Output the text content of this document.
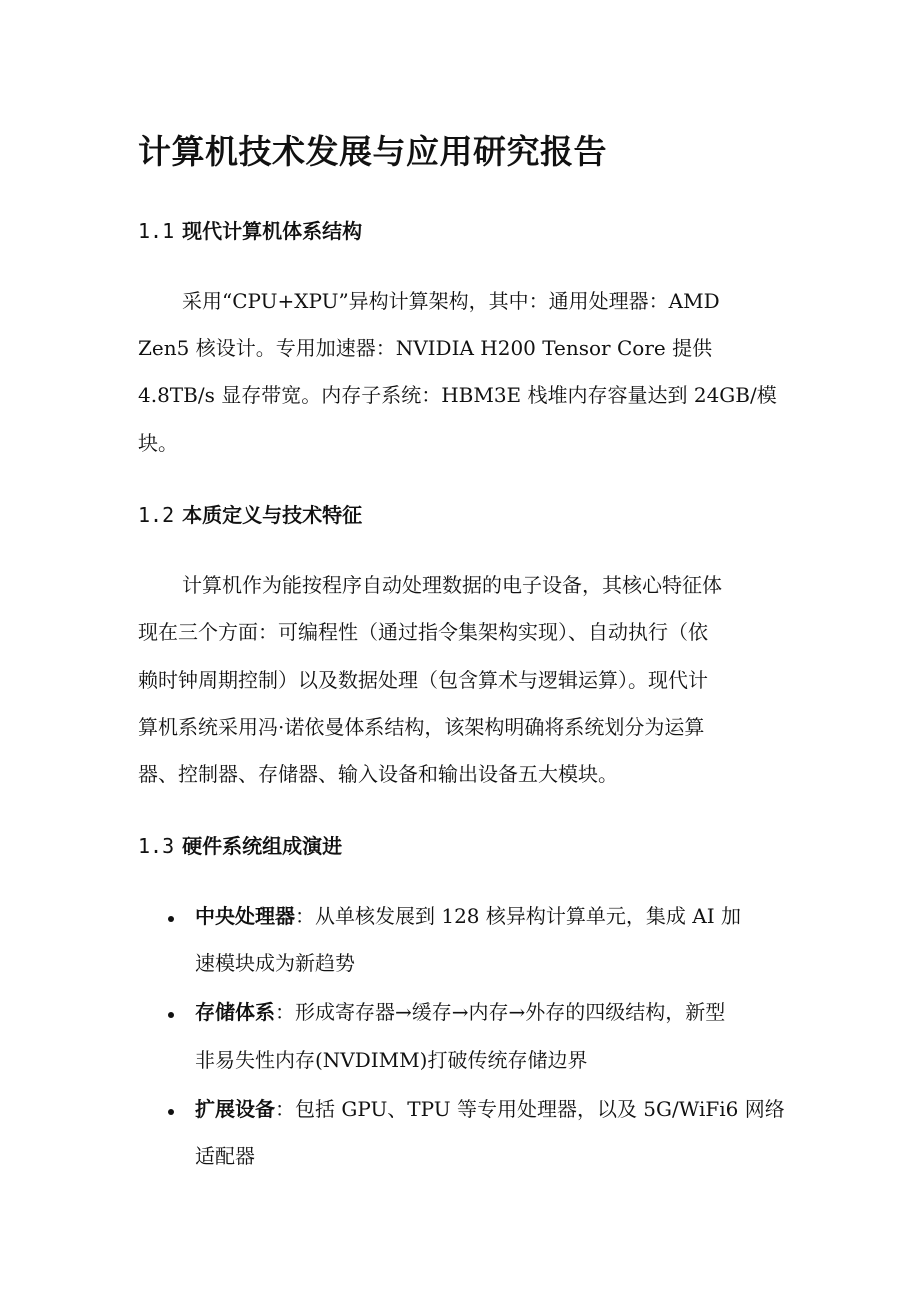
计算机技术发展与应用研究报告
1.1 现代计算机体系结构

采用“CPU+XPU”异构计算架构，其中：通用处理器：AMD

Zen5 核设计。专用加速器：NVIDIA H200 Tensor Core 提供

4.8TB/s 显存带宽。内存子系统：HBM3E 栈堆内存容量达到 24GB/模

块。

1.2 本质定义与技术特征

计算机作为能按程序自动处理数据的电子设备，其核心特征体

现在三个方面：可编程性（通过指令集架构实现）、自动执行（依

赖时钟周期控制）以及数据处理（包含算术与逻辑运算）。现代计

算机系统采用冯·诺依曼体系结构，该架构明确将系统划分为运算

器、控制器、存储器、输入设备和输出设备五大模块。

1.3 硬件系统组成演进

中央处理器：从单核发展到 128 核异构计算单元，集成 AI 加

速模块成为新趋势

存储体系：形成寄存器→缓存→内存→外存的四级结构，新型

非易失性内存(NVDIMM)打破传统存储边界

扩展设备：包括 GPU、TPU 等专用处理器，以及 5G/WiFi6 网络

适配器
